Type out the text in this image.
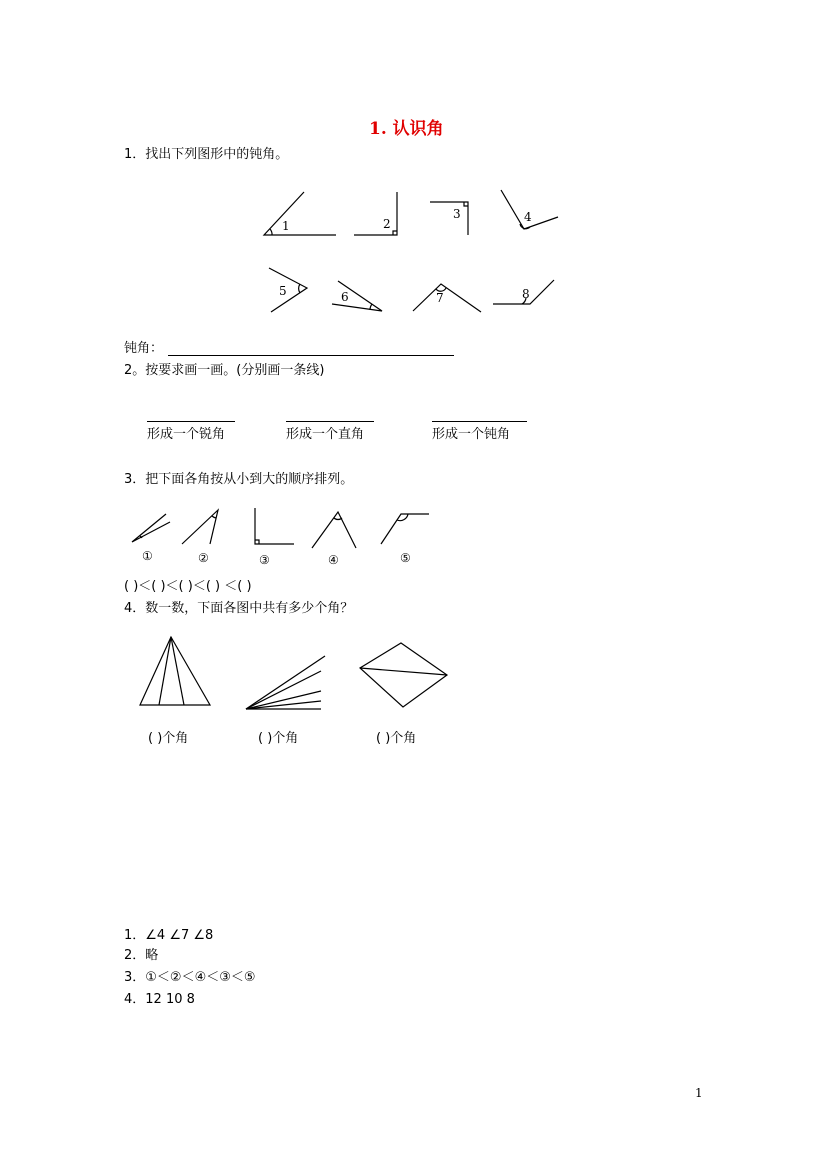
1. 认识角
1．找出下列图形中的钝角。
1	2
3	4
5	6	7	8
钝角：
2。按要求画一画。(分别画一条线)
形成一个锐角	形成一个直角	形成一个钝角
3．把下面各角按从小到大的顺序排列。
①	②	③	④	⑤
( )＜( )＜( )＜( ) ＜( )
4．数一数，下面各图中共有多少个角？
( )个角	( )个角	( )个角
1．∠4 ∠7 ∠8
2．略
3．①＜②＜④＜③＜⑤
4．12 10 8
1
